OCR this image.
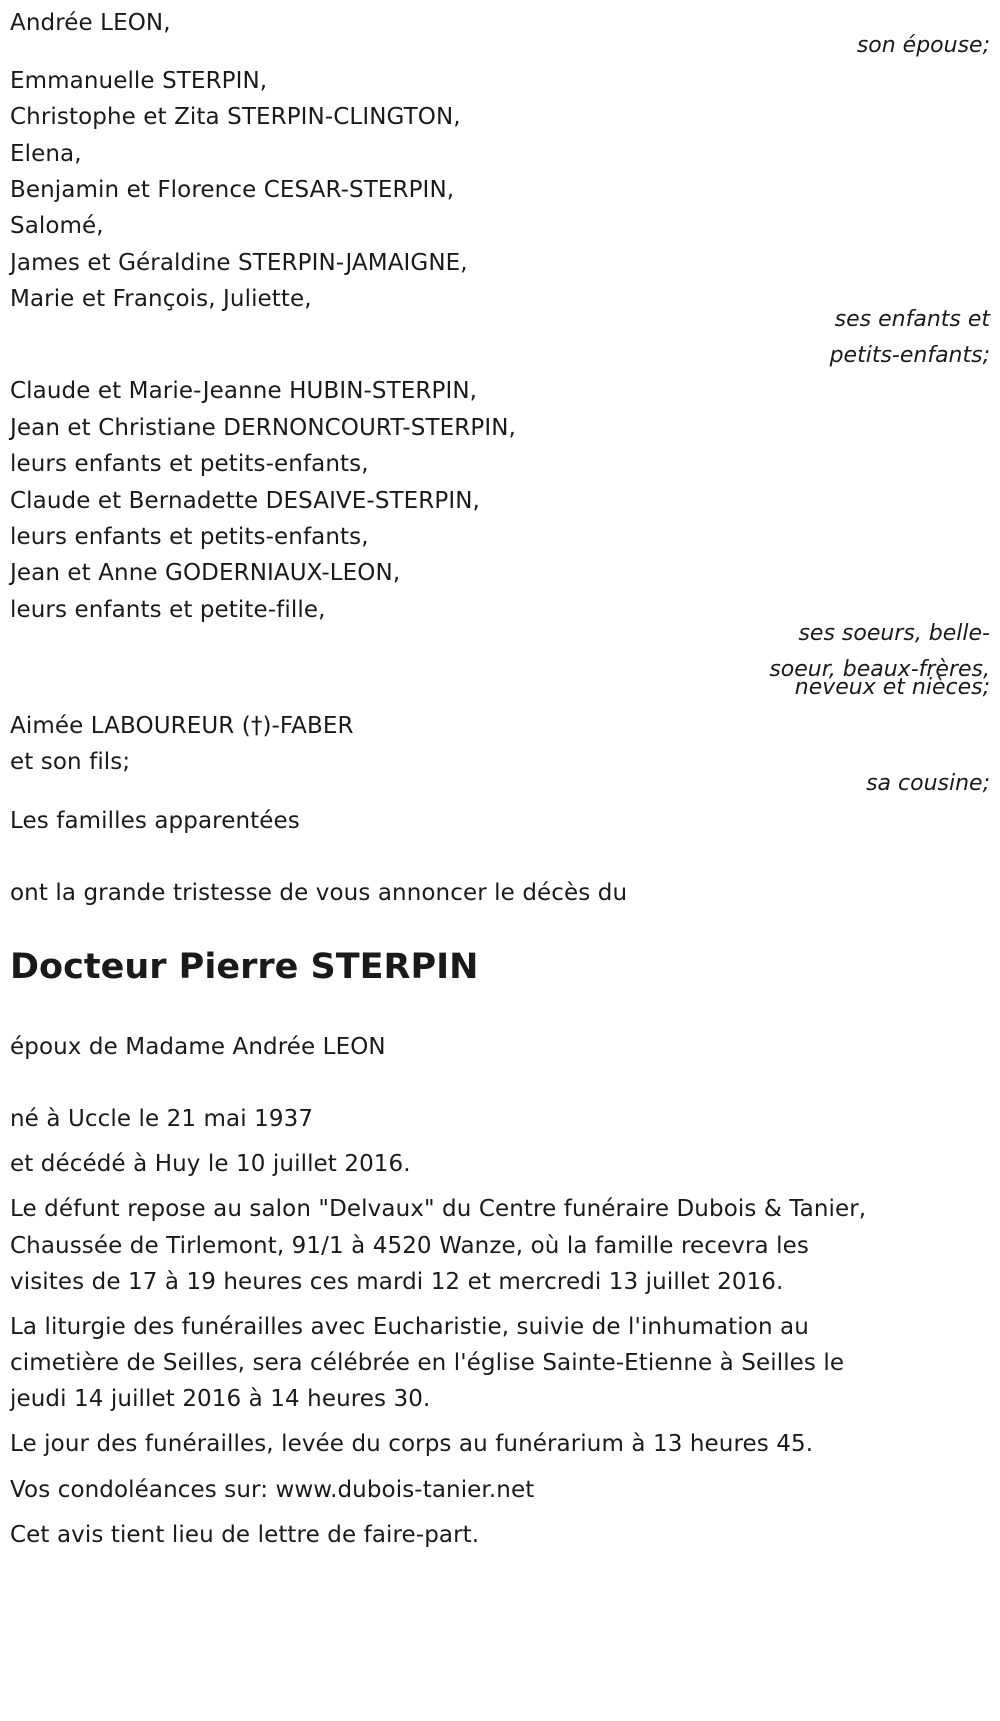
Andrée LEON,
son épouse;
Emmanuelle STERPIN,
Christophe et Zita STERPIN-CLINGTON,
Elena,
Benjamin et Florence CESAR-STERPIN,
Salomé,
James et Géraldine STERPIN-JAMAIGNE,
Marie et François, Juliette,
ses enfants et
petits-enfants;
Claude et Marie-Jeanne HUBIN-STERPIN,
Jean et Christiane DERNONCOURT-STERPIN,
leurs enfants et petits-enfants,
Claude et Bernadette DESAIVE-STERPIN,
leurs enfants et petits-enfants,
Jean et Anne GODERNIAUX-LEON,
leurs enfants et petite-fille,
ses soeurs, belle-
soeur, beaux-frères,
neveux et nièces;
Aimée LABOUREUR (†)-FABER
et son fils;
sa cousine;
Les familles apparentées
ont la grande tristesse de vous annoncer le décès du
Docteur Pierre STERPIN
époux de Madame Andrée LEON
né à Uccle le 21 mai 1937
et décédé à Huy le 10 juillet 2016.
Le défunt repose au salon "Delvaux" du Centre funéraire Dubois & Tanier,
Chaussée de Tirlemont, 91/1 à 4520 Wanze, où la famille recevra les
visites de 17 à 19 heures ces mardi 12 et mercredi 13 juillet 2016.
La liturgie des funérailles avec Eucharistie, suivie de l'inhumation au
cimetière de Seilles, sera célébrée en l'église Sainte-Etienne à Seilles le
jeudi 14 juillet 2016 à 14 heures 30.
Le jour des funérailles, levée du corps au funérarium à 13 heures 45.
Vos condoléances sur: www.dubois-tanier.net
Cet avis tient lieu de lettre de faire-part.
